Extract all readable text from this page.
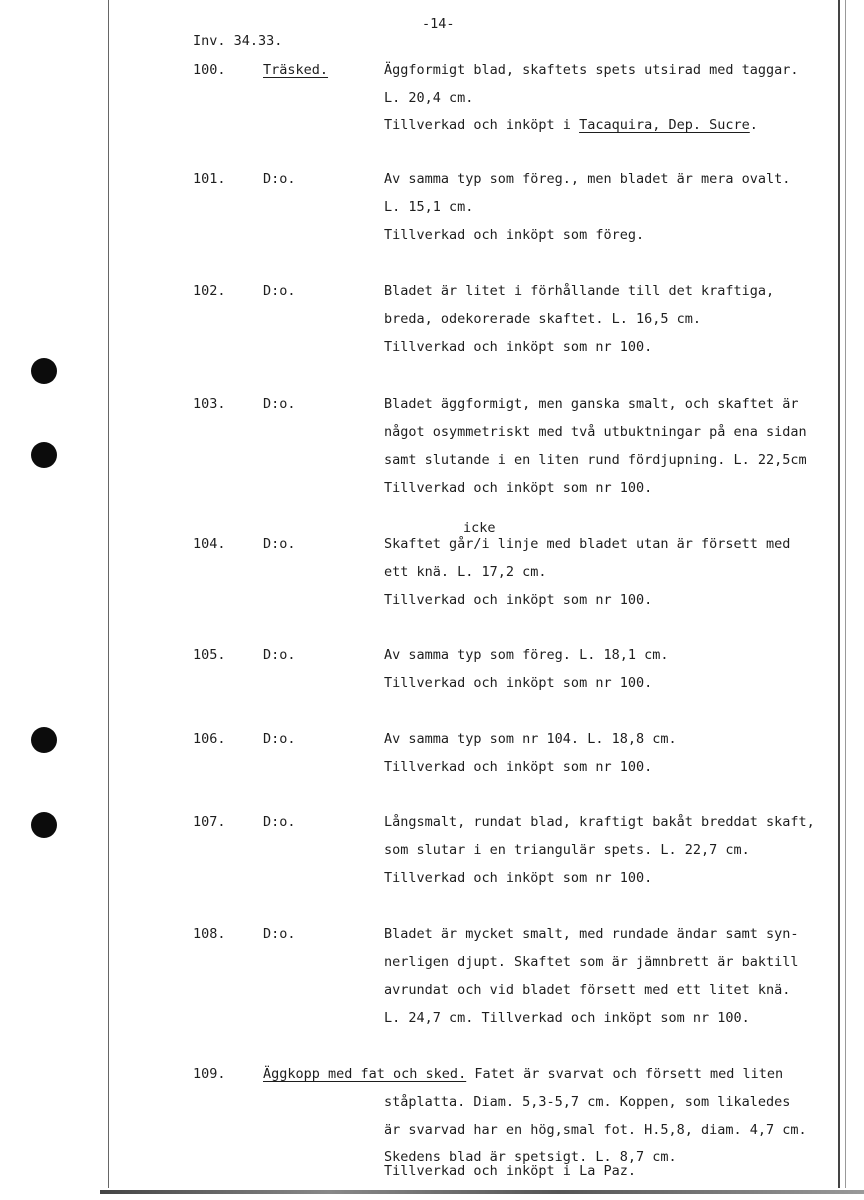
-14-
Inv. 34.33.
100.	Träsked.	Äggformigt blad, skaftets spets utsirad med taggar.
L. 20,4 cm.
Tillverkad och inköpt i Tacaquira, Dep. Sucre.
101.	D:o.	Av samma typ som föreg., men bladet är mera ovalt.
L. 15,1 cm.
Tillverkad och inköpt som föreg.
102.	D:o.	Bladet är litet i förhållande till det kraftiga,
breda, odekorerade skaftet. L. 16,5 cm.
Tillverkad och inköpt som nr 100.
103.	D:o.	Bladet äggformigt, men ganska smalt, och skaftet är
något osymmetriskt med två utbuktningar på ena sidan
samt slutande i en liten rund fördjupning. L. 22,5cm
Tillverkad och inköpt som nr 100.
icke
104.	D:o.	Skaftet går/i linje med bladet utan är försett med
ett knä. L. 17,2 cm.
Tillverkad och inköpt som nr 100.
105.	D:o.	Av samma typ som föreg. L. 18,1 cm.
Tillverkad och inköpt som nr 100.
106.	D:o.	Av samma typ som nr 104. L. 18,8 cm.
Tillverkad och inköpt som nr 100.
107.	D:o.	Långsmalt, rundat blad, kraftigt bakåt breddat skaft,
som slutar i en triangulär spets. L. 22,7 cm.
Tillverkad och inköpt som nr 100.
108.	D:o.	Bladet är mycket smalt, med rundade ändar samt syn-
nerligen djupt. Skaftet som är jämnbrett är baktill
avrundat och vid bladet försett med ett litet knä.
L. 24,7 cm. Tillverkad och inköpt som nr 100.
109.	Äggkopp med fat och sked. Fatet är svarvat och försett med liten
ståplatta. Diam. 5,3-5,7 cm. Koppen, som likaledes
är svarvad har en hög,smal fot. H.5,8, diam. 4,7 cm.
Skedens blad är spetsigt. L. 8,7 cm.
Tillverkad och inköpt i La Paz.
